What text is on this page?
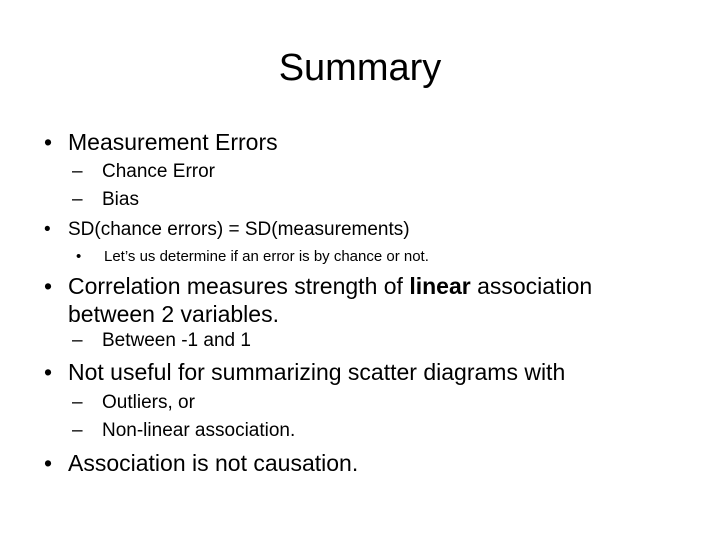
Summary
• Measurement Errors
– Chance Error
– Bias
• SD(chance errors) = SD(measurements)
• Let’s us determine if an error is by chance or not.
• Correlation measures strength of linear association
between 2 variables.
– Between -1 and 1
• Not useful for summarizing scatter diagrams with
– Outliers, or
– Non-linear association.
• Association is not causation.
